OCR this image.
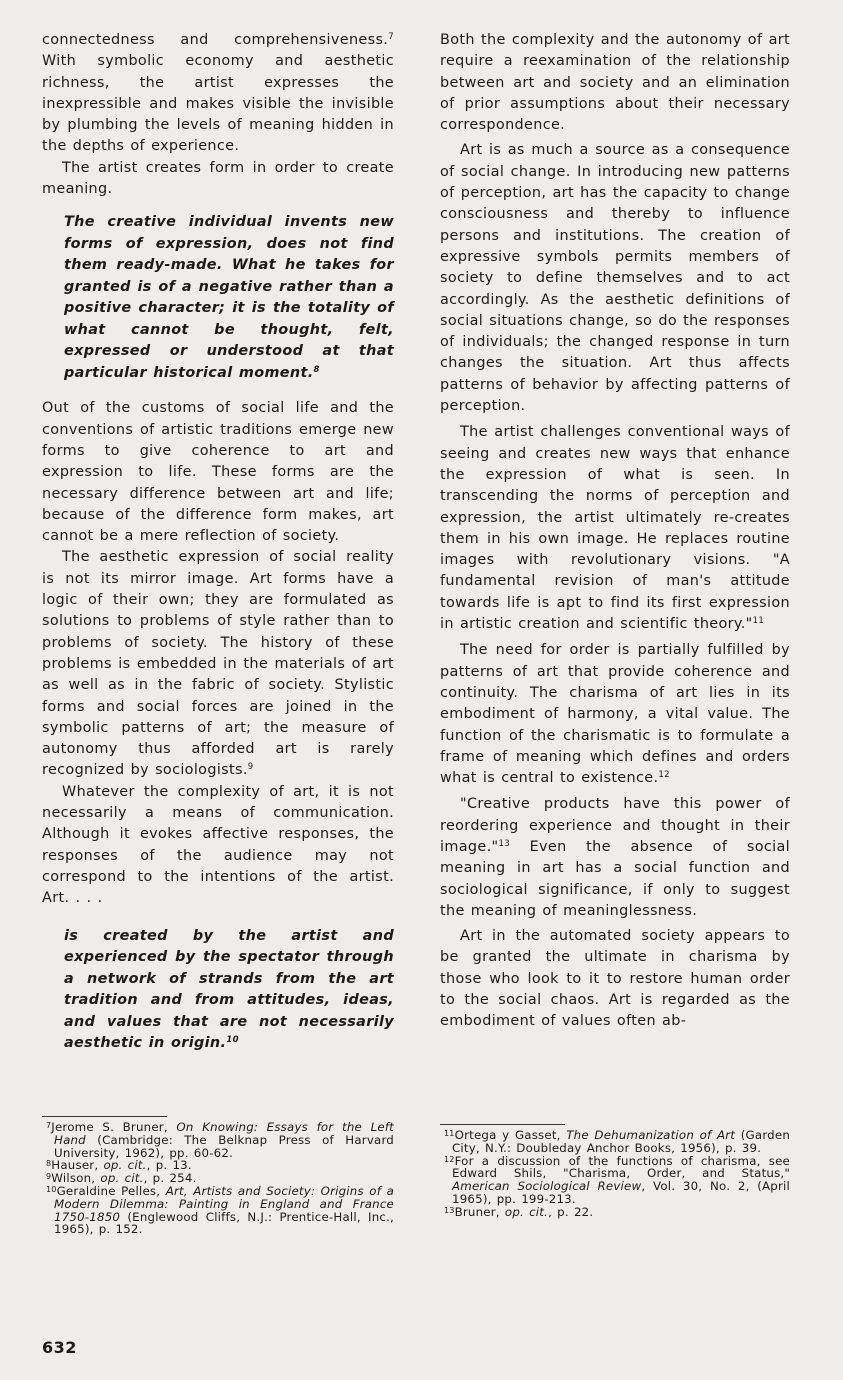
connectedness and comprehensiveness.$^7$ With symbolic economy and aesthetic richness, the artist expresses the inexpressible and makes visible the invisible by plumbing the levels of meaning hidden in the depths of experience.

The artist creates form in order to create meaning.

The creative individual invents new forms of expression, does not find them ready-made. What he takes for granted is of a negative rather than a positive character; it is the totality of what cannot be thought, felt, expressed or understood at that particular historical moment.$^8$

Out of the customs of social life and the conventions of artistic traditions emerge new forms to give coherence to art and expression to life. These forms are the necessary difference between art and life; because of the difference form makes, art cannot be a mere reflection of society.

The aesthetic expression of social reality is not its mirror image. Art forms have a logic of their own; they are formulated as solutions to problems of style rather than to problems of society. The history of these problems is embedded in the materials of art as well as in the fabric of society. Stylistic forms and social forces are joined in the symbolic patterns of art; the measure of autonomy thus afforded art is rarely recognized by sociologists.$^9$

Whatever the complexity of art, it is not necessarily a means of communication. Although it evokes affective responses, the responses of the audience may not correspond to the intentions of the artist. Art. . . .

is created by the artist and experienced by the spectator through a network of strands from the art tradition and from attitudes, ideas, and values that are not necessarily aesthetic in origin.$^{10}$

Both the complexity and the autonomy of art require a reexamination of the relationship between art and society and an elimination of prior assumptions about their necessary correspondence.

Art is as much a source as a consequence of social change. In introducing new patterns of perception, art has the capacity to change consciousness and thereby to influence persons and institutions. The creation of expressive symbols permits members of society to define themselves and to act accordingly. As the aesthetic definitions of social situations change, so do the responses of individuals; the changed response in turn changes the situation. Art thus affects patterns of behavior by affecting patterns of perception.

The artist challenges conventional ways of seeing and creates new ways that enhance the expression of what is seen. In transcending the norms of perception and expression, the artist ultimately re-creates them in his own image. He replaces routine images with revolutionary visions. "A fundamental revision of man's attitude towards life is apt to find its first expression in artistic creation and scientific theory."$^{11}$

The need for order is partially fulfilled by patterns of art that provide coherence and continuity. The charisma of art lies in its embodiment of harmony, a vital value. The function of the charismatic is to formulate a frame of meaning which defines and orders what is central to existence.$^{12}$

"Creative products have this power of reordering experience and thought in their image."$^{13}$ Even the absence of social meaning in art has a social function and sociological significance, if only to suggest the meaning of meaninglessness.

Art in the automated society appears to be granted the ultimate in charisma by those who look to it to restore human order to the social chaos. Art is regarded as the embodiment of values often ab-

$^7$Jerome S. Bruner, On Knowing: Essays for the Left Hand (Cambridge: The Belknap Press of Harvard University, 1962), pp. 60-62.

$^8$Hauser, op. cit., p. 13.

$^9$Wilson, op. cit., p. 254.

$^{10}$Geraldine Pelles, Art, Artists and Society: Origins of a Modern Dilemma: Painting in England and France 1750-1850 (Englewood Cliffs, N.J.: Prentice-Hall, Inc., 1965), p. 152.

$^{11}$Ortega y Gasset, The Dehumanization of Art (Garden City, N.Y.: Doubleday Anchor Books, 1956), p. 39.

$^{12}$For a discussion of the functions of charisma, see Edward Shils, "Charisma, Order, and Status," American Sociological Review, Vol. 30, No. 2, (April 1965), pp. 199-213.

$^{13}$Bruner, op. cit., p. 22.

632
